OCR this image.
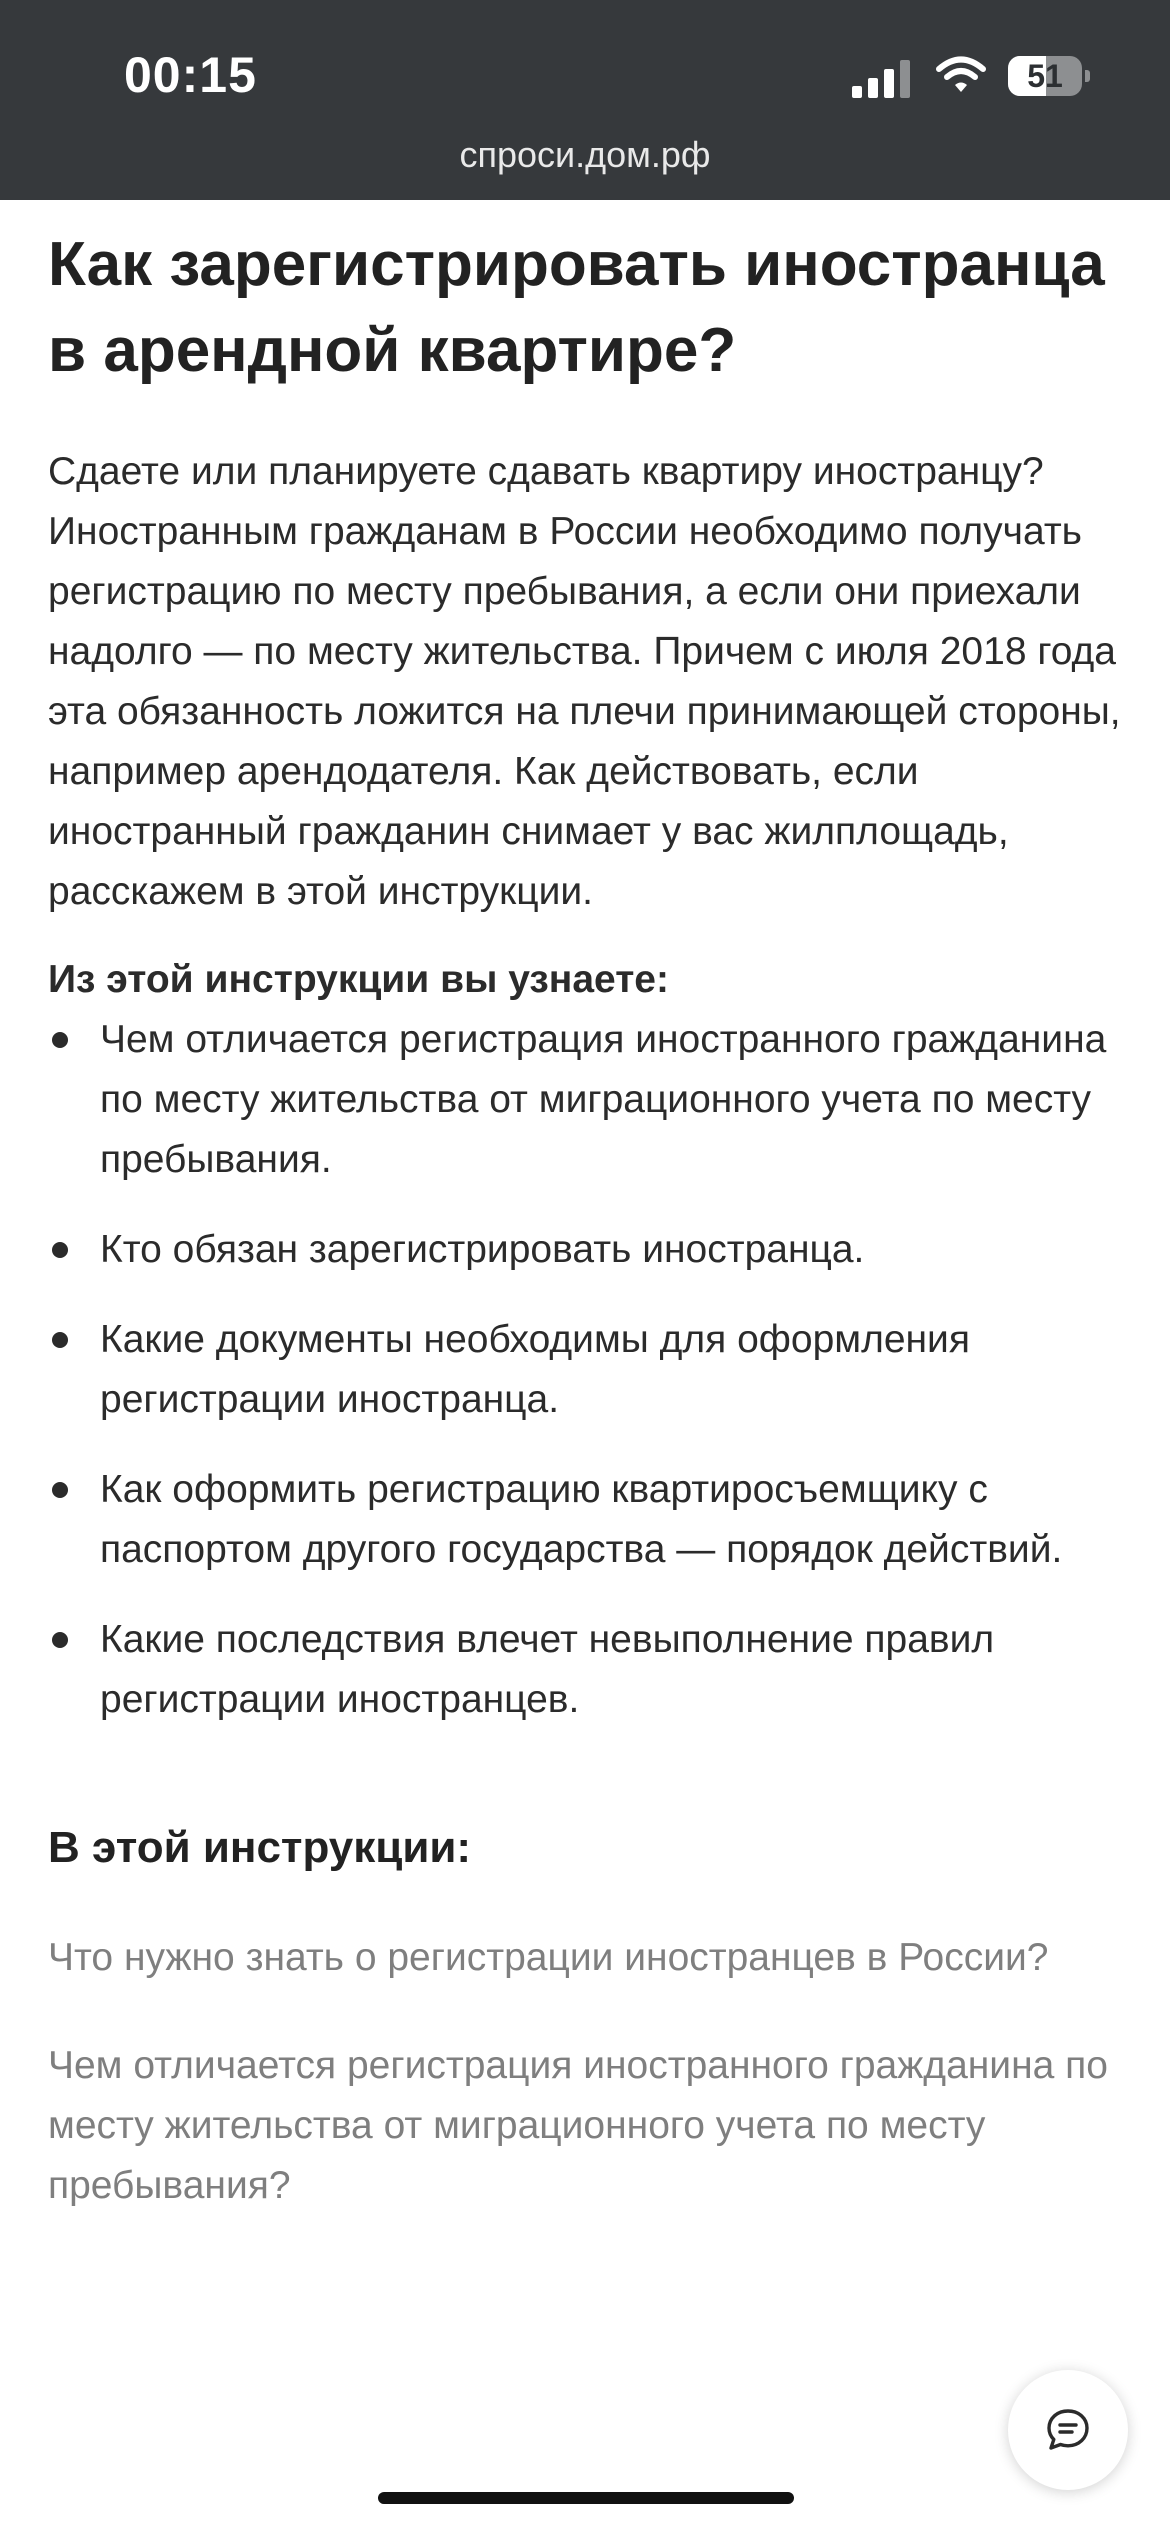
00:15	51
спроси.дом.рф
Как зарегистрировать иностранца в арендной квартире?

Сдаете или планируете сдавать квартиру иностранцу? Иностранным гражданам в России необходимо получать регистрацию по месту пребывания, а если они приехали надолго — по месту жительства. Причем с июля 2018 года эта обязанность ложится на плечи принимающей стороны, например арендодателя. Как действовать, если иностранный гражданин снимает у вас жилплощадь, расскажем в этой инструкции.

Из этой инструкции вы узнаете:
Чем отличается регистрация иностранного гражданина по месту жительства от миграционного учета по месту пребывания.
Кто обязан зарегистрировать иностранца.
Какие документы необходимы для оформления регистрации иностранца.
Как оформить регистрацию квартиросъемщику с паспортом другого государства — порядок действий.
Какие последствия влечет невыполнение правил регистрации иностранцев.
В этой инструкции:
Что нужно знать о регистрации иностранцев в России?
Чем отличается регистрация иностранного гражданина по месту жительства от миграционного учета по месту пребывания?
